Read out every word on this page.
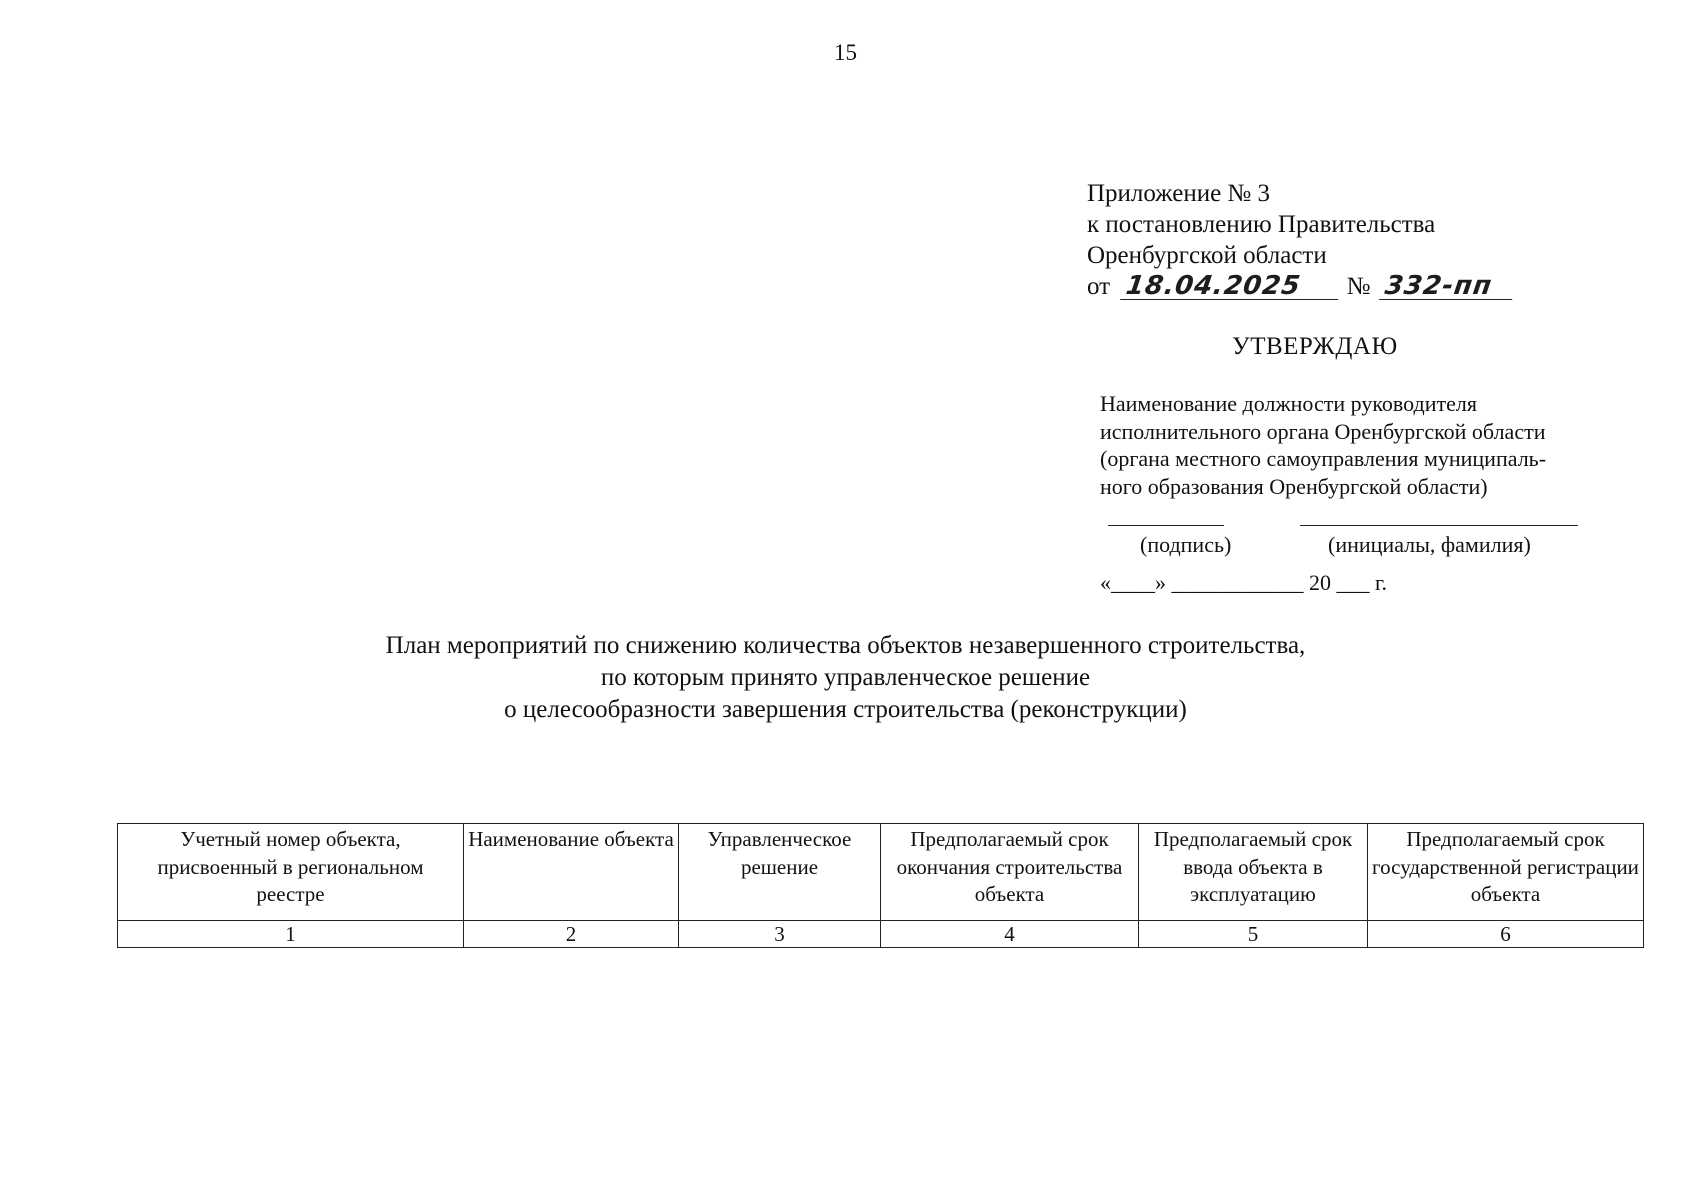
15
Приложение № 3
к постановлению Правительства
Оренбургской области
от 18.04.2025 № 332-пп
УТВЕРЖДАЮ
Наименование должности руководителя
исполнительного органа Оренбургской области
(органа местного самоуправления муниципаль-
ного образования Оренбургской области)
(подпись)	(инициалы, фамилия)
«____» ____________ 20 ___ г.
План мероприятий по снижению количества объектов незавершенного строительства,
по которым принято управленческое решение
о целесообразности завершения строительства (реконструкции)
Учетный номер объекта, присвоенный в региональном реестре	Наименование объекта	Управленческое решение	Предполагаемый срок окончания строительства объекта	Предполагаемый срок ввода объекта в эксплуатацию	Предполагаемый срок государственной регистрации объекта
1	2	3	4	5	6
